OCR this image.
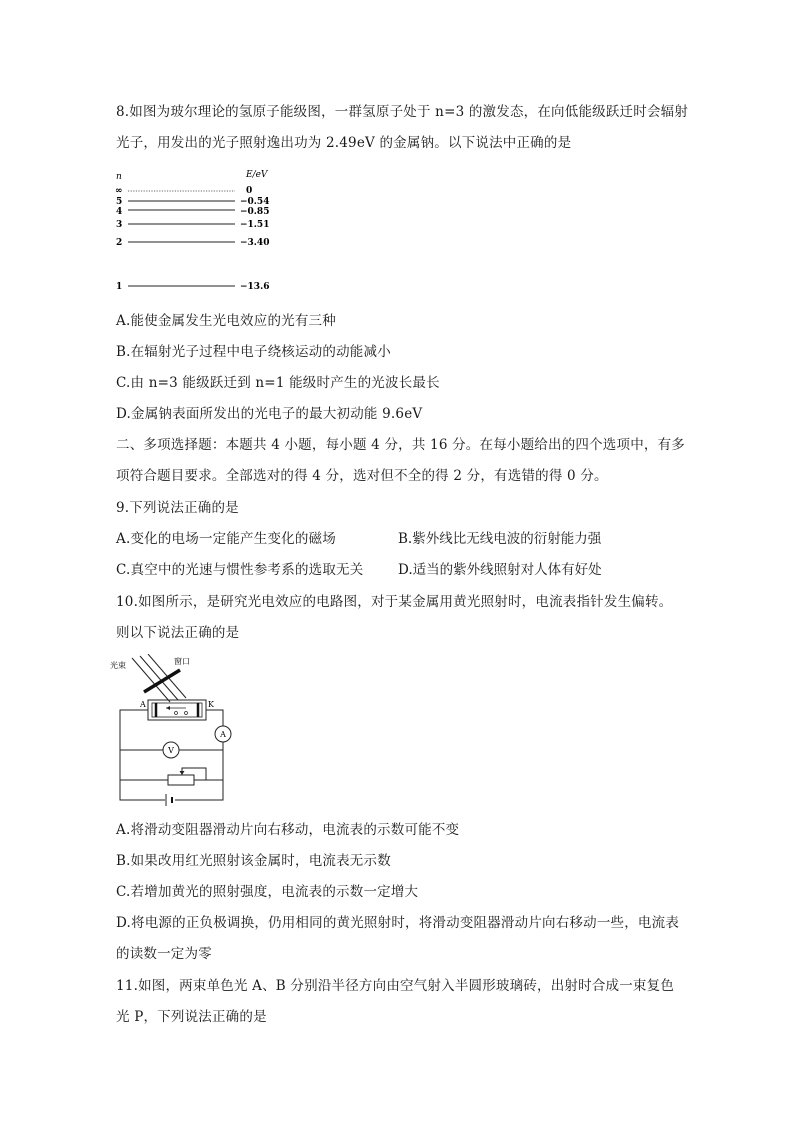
8.如图为玻尔理论的氢原子能级图，一群氢原子处于 n=3 的激发态，在向低能级跃迁时会辐射
光子，用发出的光子照射逸出功为 2.49eV 的金属钠。以下说法中正确的是
n	E/eV
∞	0
5	−0.54
4	−0.85
3	−1.51
2	−3.40
1	−13.6
A.能使金属发生光电效应的光有三种
B.在辐射光子过程中电子绕核运动的动能减小
C.由 n=3 能级跃迁到 n=1 能级时产生的光波长最长
D.金属钠表面所发出的光电子的最大初动能 9.6eV
二、多项选择题：本题共 4 小题，每小题 4 分，共 16 分。在每小题给出的四个选项中，有多
项符合题目要求。全部选对的得 4 分，选对但不全的得 2 分，有选错的得 0 分。
9.下列说法正确的是
A.变化的电场一定能产生变化的磁场	B.紫外线比无线电波的衍射能力强
C.真空中的光速与惯性参考系的选取无关	D.适当的紫外线照射对人体有好处
10.如图所示，是研究光电效应的电路图，对于某金属用黄光照射时，电流表指针发生偏转。
则以下说法正确的是
光束	窗口
A	K
A
V
A.将滑动变阻器滑动片向右移动，电流表的示数可能不变
B.如果改用红光照射该金属时，电流表无示数
C.若增加黄光的照射强度，电流表的示数一定增大
D.将电源的正负极调换，仍用相同的黄光照射时，将滑动变阻器滑动片向右移动一些，电流表
的读数一定为零
11.如图，两束单色光 A、B 分别沿半径方向由空气射入半圆形玻璃砖，出射时合成一束复色
光 P，下列说法正确的是
